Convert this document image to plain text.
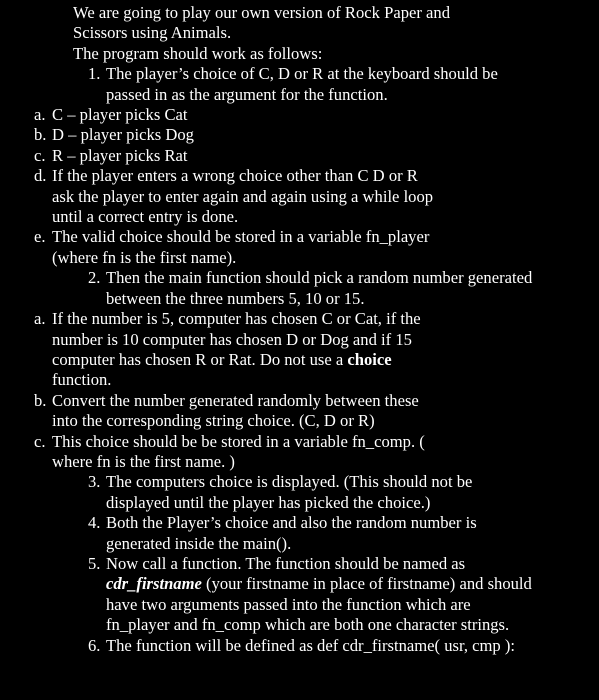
We are going to play our own version of Rock Paper and
Scissors using Animals.
The program should work as follows:
1. The player’s choice of C, D or R at the keyboard should be passed in as the argument for the function.
a. C – player picks Cat
b. D – player picks Dog
c. R – player picks Rat
d. If the player enters a wrong choice other than C D or R ask the player to enter again and again using a while loop until a correct entry is done.
e. The valid choice should be stored in a variable fn_player (where fn is the first name).
2. Then the main function should pick a random number generated between the three numbers 5, 10 or 15.
a. If the number is 5, computer has chosen C or Cat, if the number is 10 computer has chosen D or Dog and if 15 computer has chosen R or Rat. Do not use a choice function.
b. Convert the number generated randomly between these into the corresponding string choice. (C, D or R)
c. This choice should be be stored in a variable fn_comp. ( where fn is the first name. )
3. The computers choice is displayed. (This should not be displayed until the player has picked the choice.)
4. Both the Player’s choice and also the random number is generated inside the main().
5. Now call a function. The function should be named as cdr_firstname (your firstname in place of firstname) and should have two arguments passed into the function which are fn_player and fn_comp which are both one character strings.
6. The function will be defined as def cdr_firstname( usr, cmp ):
